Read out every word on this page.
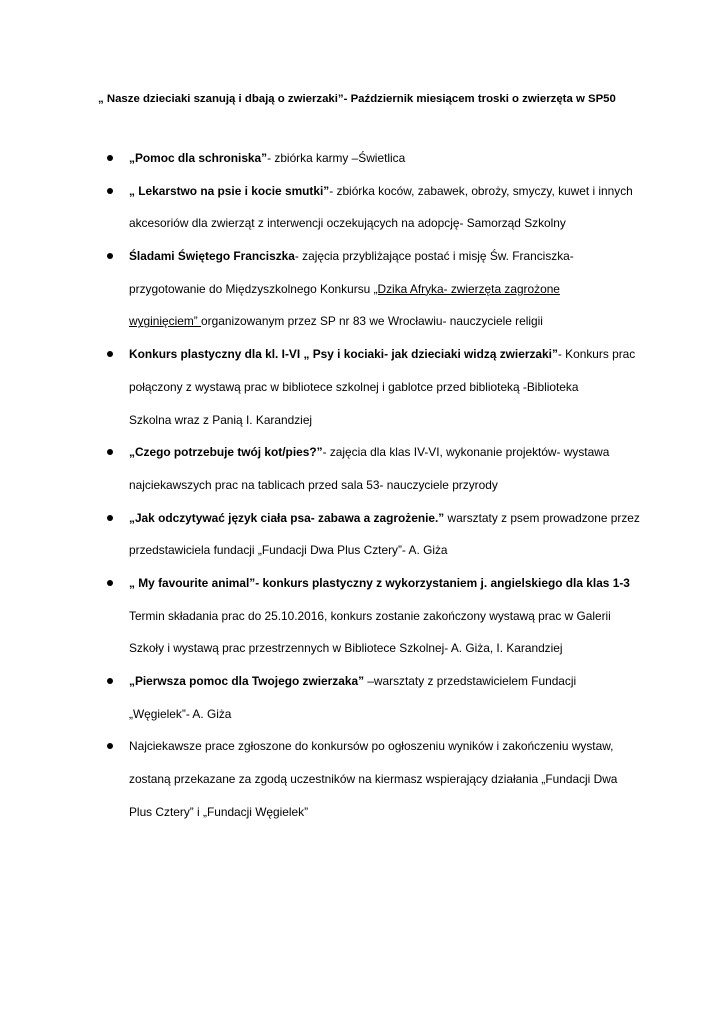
„ Nasze dzieciaki szanują i dbają o zwierzaki”- Październik miesiącem troski o zwierzęta w SP50
„Pomoc dla schroniska”- zbiórka karmy –Świetlica
„ Lekarstwo na psie i kocie smutki”- zbiórka koców, zabawek, obroży, smyczy, kuwet i innych
akcesoriów dla zwierząt z interwencji oczekujących na adopcję- Samorząd Szkolny
Śladami Świętego Franciszka- zajęcia przybliżające postać i misję Św. Franciszka-
przygotowanie do Międzyszkolnego Konkursu „Dzika Afryka- zwierzęta zagrożone
wyginięciem” organizowanym przez SP nr 83 we Wrocławiu- nauczyciele religii
Konkurs plastyczny dla kl. I-VI „ Psy i kociaki- jak dzieciaki widzą zwierzaki”- Konkurs prac
połączony z wystawą prac w bibliotece szkolnej i gablotce przed biblioteką -Biblioteka
Szkolna wraz z Panią I. Karandziej
„Czego potrzebuje twój kot/pies?”- zajęcia dla klas IV-VI, wykonanie projektów- wystawa
najciekawszych prac na tablicach przed sala 53- nauczyciele przyrody
„Jak odczytywać język ciała psa- zabawa a zagrożenie.” warsztaty z psem prowadzone przez
przedstawiciela fundacji „Fundacji Dwa Plus Cztery”- A. Giża
„ My favourite animal”- konkurs plastyczny z wykorzystaniem j. angielskiego dla klas 1-3
Termin składania prac do 25.10.2016, konkurs zostanie zakończony wystawą prac w Galerii
Szkoły i wystawą prac przestrzennych w Bibliotece Szkolnej- A. Giża, I. Karandziej
„Pierwsza pomoc dla Twojego zwierzaka” –warsztaty z przedstawicielem Fundacji
„Węgielek”- A. Giża
Najciekawsze prace zgłoszone do konkursów po ogłoszeniu wyników i zakończeniu wystaw,
zostaną przekazane za zgodą uczestników na kiermasz wspierający działania „Fundacji Dwa
Plus Cztery” i „Fundacji Węgielek”
